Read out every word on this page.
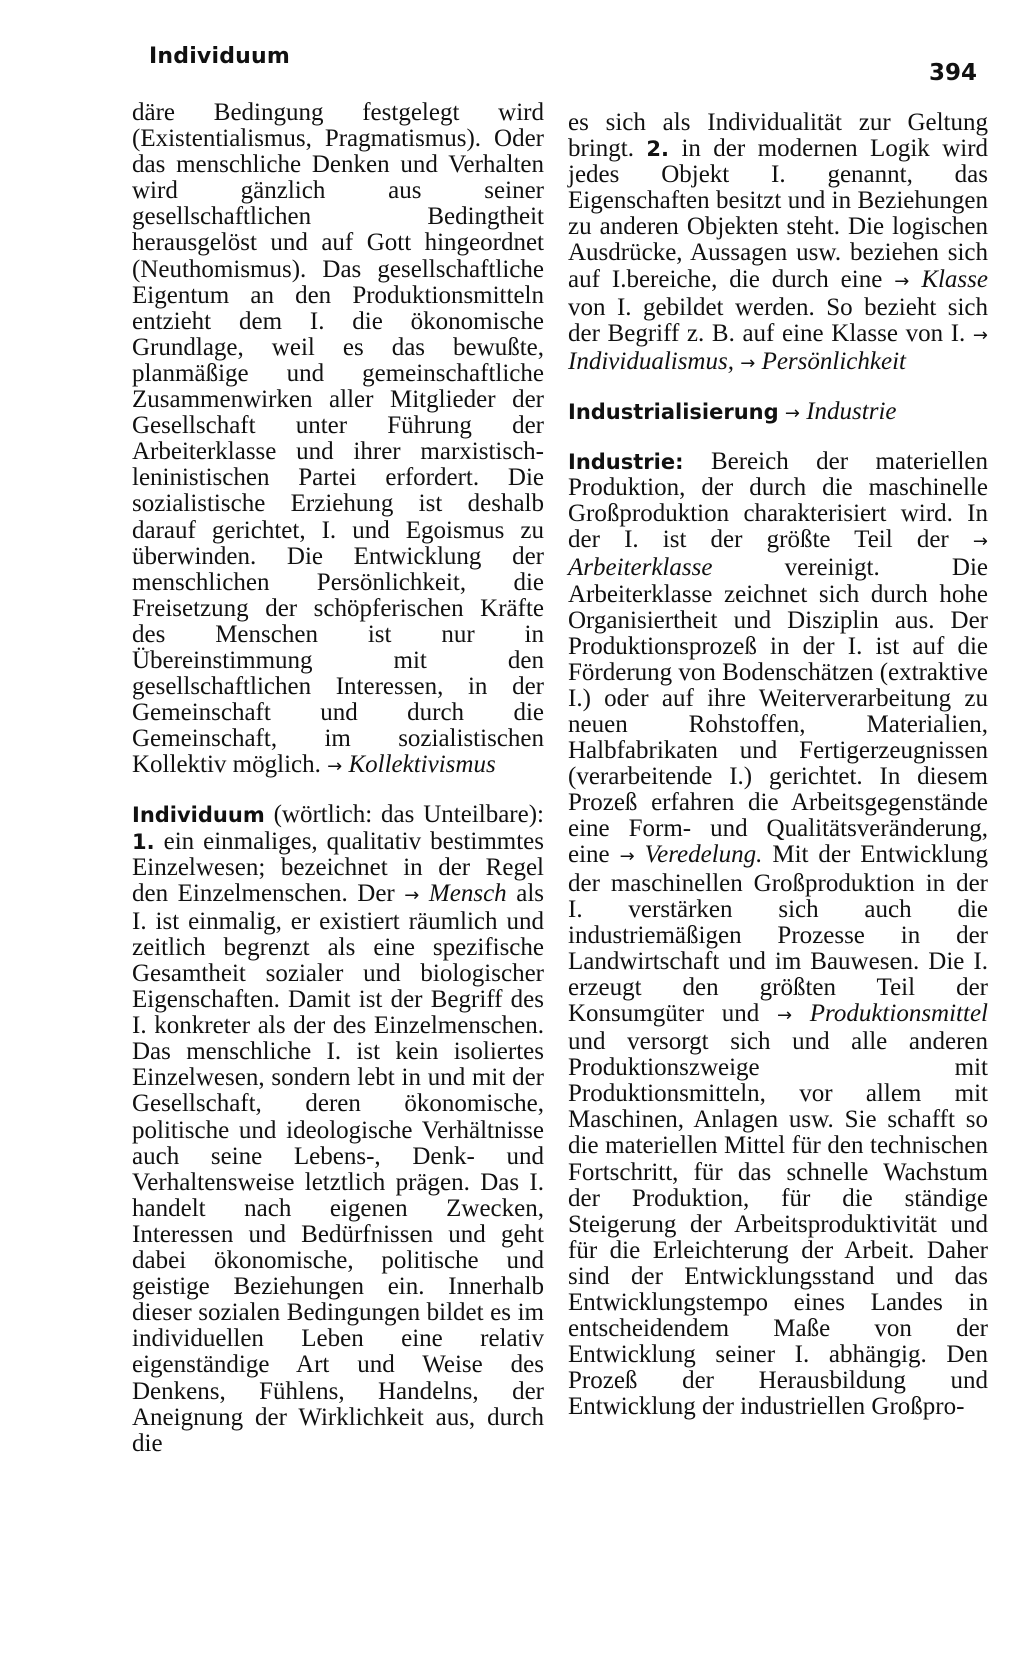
Individuum
394

däre Bedingung festgelegt wird (Existentialismus, Pragmatismus). Oder das menschliche Denken und Verhalten wird gänzlich aus seiner gesellschaftlichen Bedingtheit herausgelöst und auf Gott hingeordnet (Neuthomismus). Das gesellschaftliche Eigentum an den Produktionsmitteln entzieht dem I. die ökonomische Grundlage, weil es das bewußte, planmäßige und gemeinschaftliche Zusammenwirken aller Mitglieder der Gesellschaft unter Führung der Arbeiterklasse und ihrer marxistisch-leninistischen Partei erfordert. Die sozialistische Erziehung ist deshalb darauf gerichtet, I. und Egoismus zu überwinden. Die Entwicklung der menschlichen Persönlichkeit, die Freisetzung der schöpferischen Kräfte des Menschen ist nur in Übereinstimmung mit den gesellschaftlichen Interessen, in der Gemeinschaft und durch die Gemeinschaft, im sozialistischen Kollektiv möglich. → Kollektivismus

Individuum (wörtlich: das Unteilbare): 1. ein einmaliges, qualitativ bestimmtes Einzelwesen; bezeichnet in der Regel den Einzelmenschen. Der → Mensch als I. ist einmalig, er existiert räumlich und zeitlich begrenzt als eine spezifische Gesamtheit sozialer und biologischer Eigenschaften. Damit ist der Begriff des I. konkreter als der des Einzelmenschen. Das menschliche I. ist kein isoliertes Einzelwesen, sondern lebt in und mit der Gesellschaft, deren ökonomische, politische und ideologische Verhältnisse auch seine Lebens-, Denk- und Verhaltensweise letztlich prägen. Das I. handelt nach eigenen Zwecken, Interessen und Bedürfnissen und geht dabei ökonomische, politische und geistige Beziehungen ein. Innerhalb dieser sozialen Bedingungen bildet es im individuellen Leben eine relativ eigenständige Art und Weise des Denkens, Fühlens, Handelns, der Aneignung der Wirklichkeit aus, durch die

es sich als Individualität zur Geltung bringt. 2. in der modernen Logik wird jedes Objekt I. genannt, das Eigenschaften besitzt und in Beziehungen zu anderen Objekten steht. Die logischen Ausdrücke, Aussagen usw. beziehen sich auf I.bereiche, die durch eine → Klasse von I. gebildet werden. So bezieht sich der Begriff z. B. auf eine Klasse von I. → Individualismus, → Persönlichkeit

Industrialisierung → Industrie

Industrie: Bereich der materiellen Produktion, der durch die maschinelle Großproduktion charakterisiert wird. In der I. ist der größte Teil der → Arbeiterklasse	vereinigt. Die Arbeiterklasse zeichnet sich durch hohe Organisiertheit und Disziplin aus. Der Produktionsprozeß in der I. ist auf die Förderung von Bodenschätzen (extraktive I.) oder auf ihre Weiterverarbeitung zu neuen Rohstoffen, Materialien, Halbfabrikaten und Fertigerzeugnissen (verarbeitende I.) gerichtet. In diesem Prozeß erfahren die Arbeitsgegenstände eine Form- und Qualitätsveränderung, eine → Veredelung. Mit der Entwicklung der maschinellen Großproduktion in der I. verstärken sich auch die industriemäßigen Prozesse in der Landwirtschaft und im Bauwesen. Die I. erzeugt den größten Teil der Konsumgüter und → Produktionsmittel und versorgt sich und alle anderen Produktionszweige mit Produktionsmitteln, vor allem mit Maschinen, Anlagen usw. Sie schafft so die materiellen Mittel für den technischen Fortschritt, für das schnelle Wachstum der Produktion, für die ständige Steigerung der Arbeitsproduktivität und für die Erleichterung der Arbeit. Daher sind der Entwicklungsstand und das Entwicklungstempo eines Landes in entscheidendem Maße von der Entwicklung seiner I. abhängig. Den Prozeß der Herausbildung und Entwicklung der industriellen Großpro-
